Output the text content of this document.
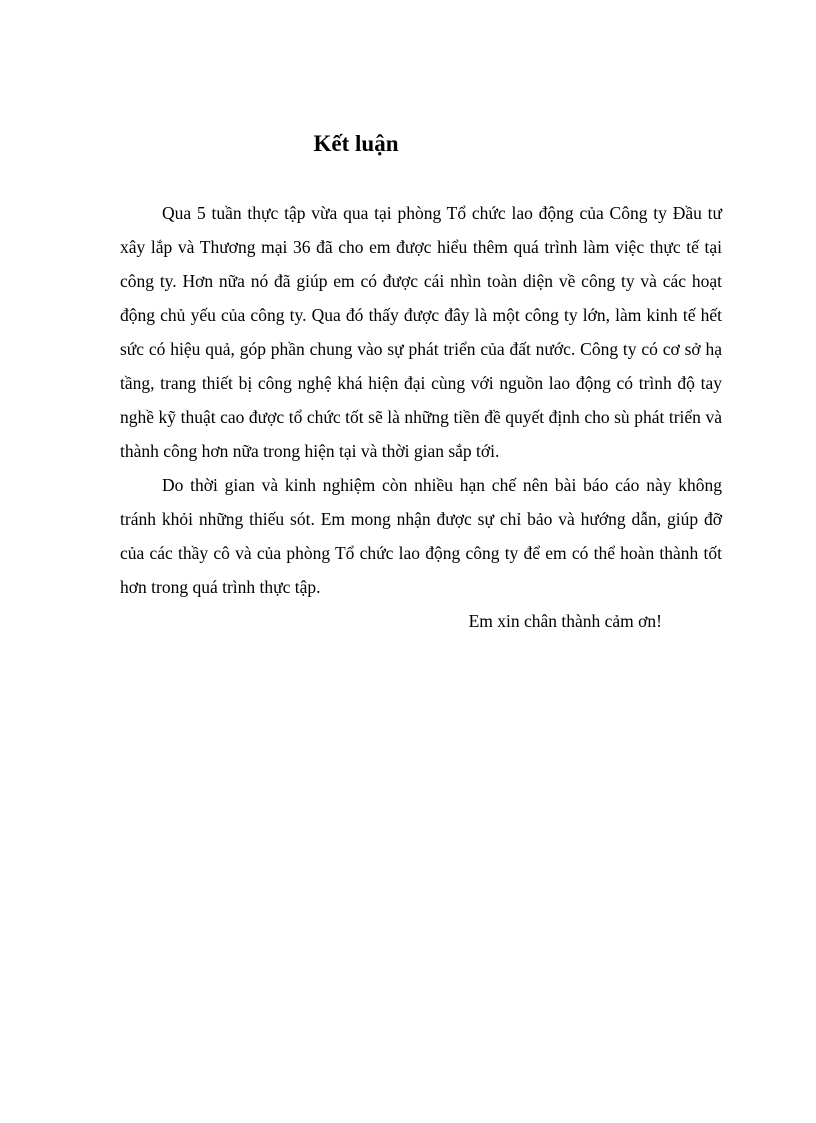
Kết luận

Qua 5 tuần thực tập vừa qua tại phòng Tổ chức lao động của Công ty Đầu tư xây lắp và Thương mại 36 đã cho em được hiểu thêm quá trình làm việc thực tế tại công ty. Hơn nữa nó đã giúp em có được cái nhìn toàn diện về công ty và các hoạt động chủ yếu của công ty. Qua đó thấy được đây là một công ty lớn, làm kinh tế hết sức có hiệu quả, góp phần chung vào sự phát triển của đất nước. Công ty có cơ sở hạ tầng, trang thiết bị công nghệ khá hiện đại cùng với nguồn lao động có trình độ tay nghề kỹ thuật cao được tổ chức tốt sẽ là những tiền đề quyết định cho sù phát triển và thành công hơn nữa trong hiện tại và thời gian sắp tới.

Do thời gian và kinh nghiệm còn nhiều hạn chế nên bài báo cáo này không tránh khỏi những thiếu sót. Em mong nhận được sự chỉ bảo và hướng dẫn, giúp đỡ của các thầy cô và của phòng Tổ chức lao động công ty để em có thể hoàn thành tốt hơn trong quá trình thực tập.

Em xin chân thành cảm ơn!
